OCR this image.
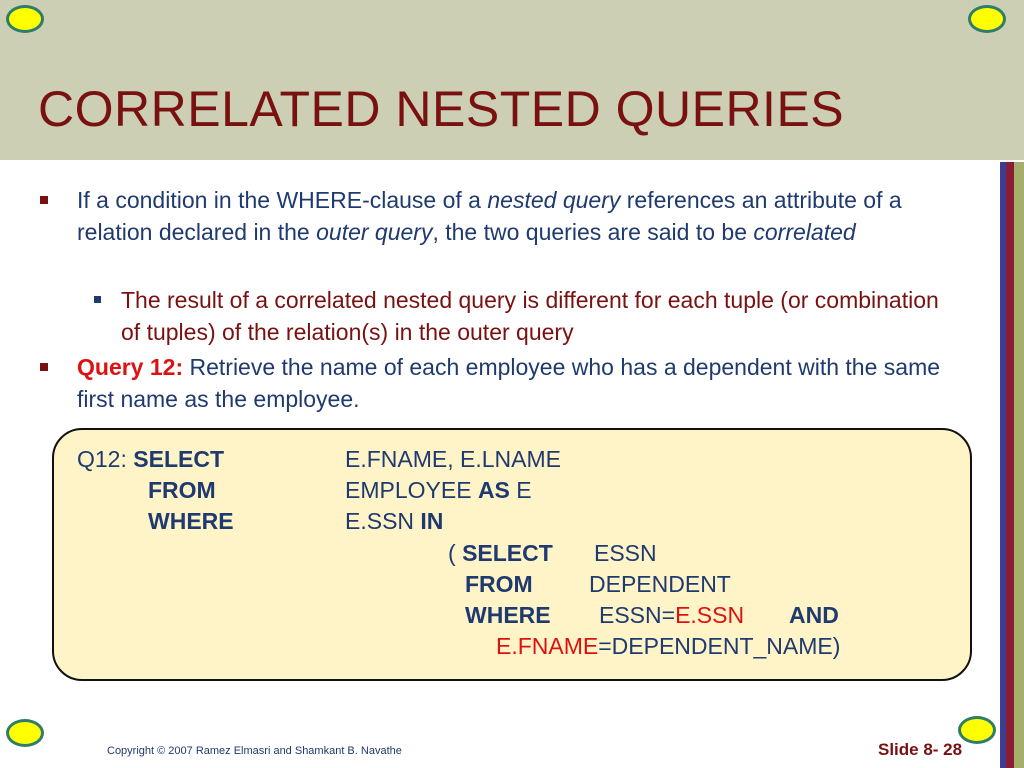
CORRELATED NESTED QUERIES
If a condition in the WHERE-clause of a nested query references an attribute of a relation declared in the outer query, the two queries are said to be correlated
The result of a correlated nested query is different for each tuple (or combination of tuples) of the relation(s) in the outer query
Query 12: Retrieve the name of each employee who has a dependent with the same first name as the employee.
Q12: SELECT	E.FNAME, E.LNAME
FROM	EMPLOYEE AS E
WHERE	E.SSN IN
( SELECT ESSN
FROM DEPENDENT
WHERE ESSN=E.SSN AND
E.FNAME=DEPENDENT_NAME)
Copyright © 2007 Ramez Elmasri and Shamkant B. Navathe	Slide 8- 28
